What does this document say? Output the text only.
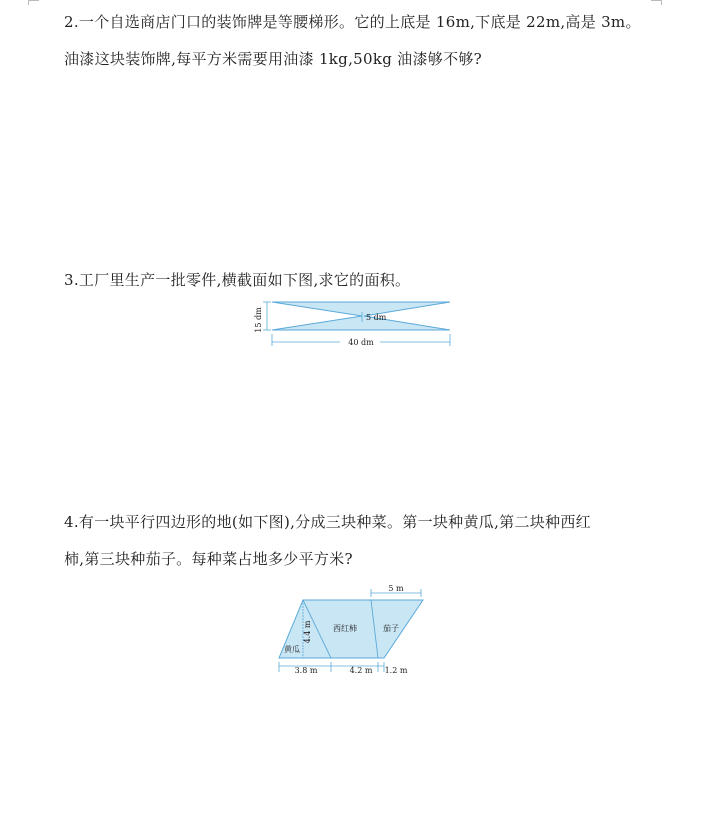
2.一个自选商店门口的装饰牌是等腰梯形。它的上底是 16m,下底是 22m,高是 3m。
油漆这块装饰牌,每平方米需要用油漆 1kg,50kg 油漆够不够?
3.工厂里生产一批零件,横截面如下图,求它的面积。
15 dm	5 dm
40 dm
4.有一块平行四边形的地(如下图),分成三块种菜。第一块种黄瓜,第二块种西红
柿,第三块种茄子。每种菜占地多少平方米?
5 m
4.4 m
黄瓜
西红柿	茄子
3.8 m	4.2 m 1.2 m
